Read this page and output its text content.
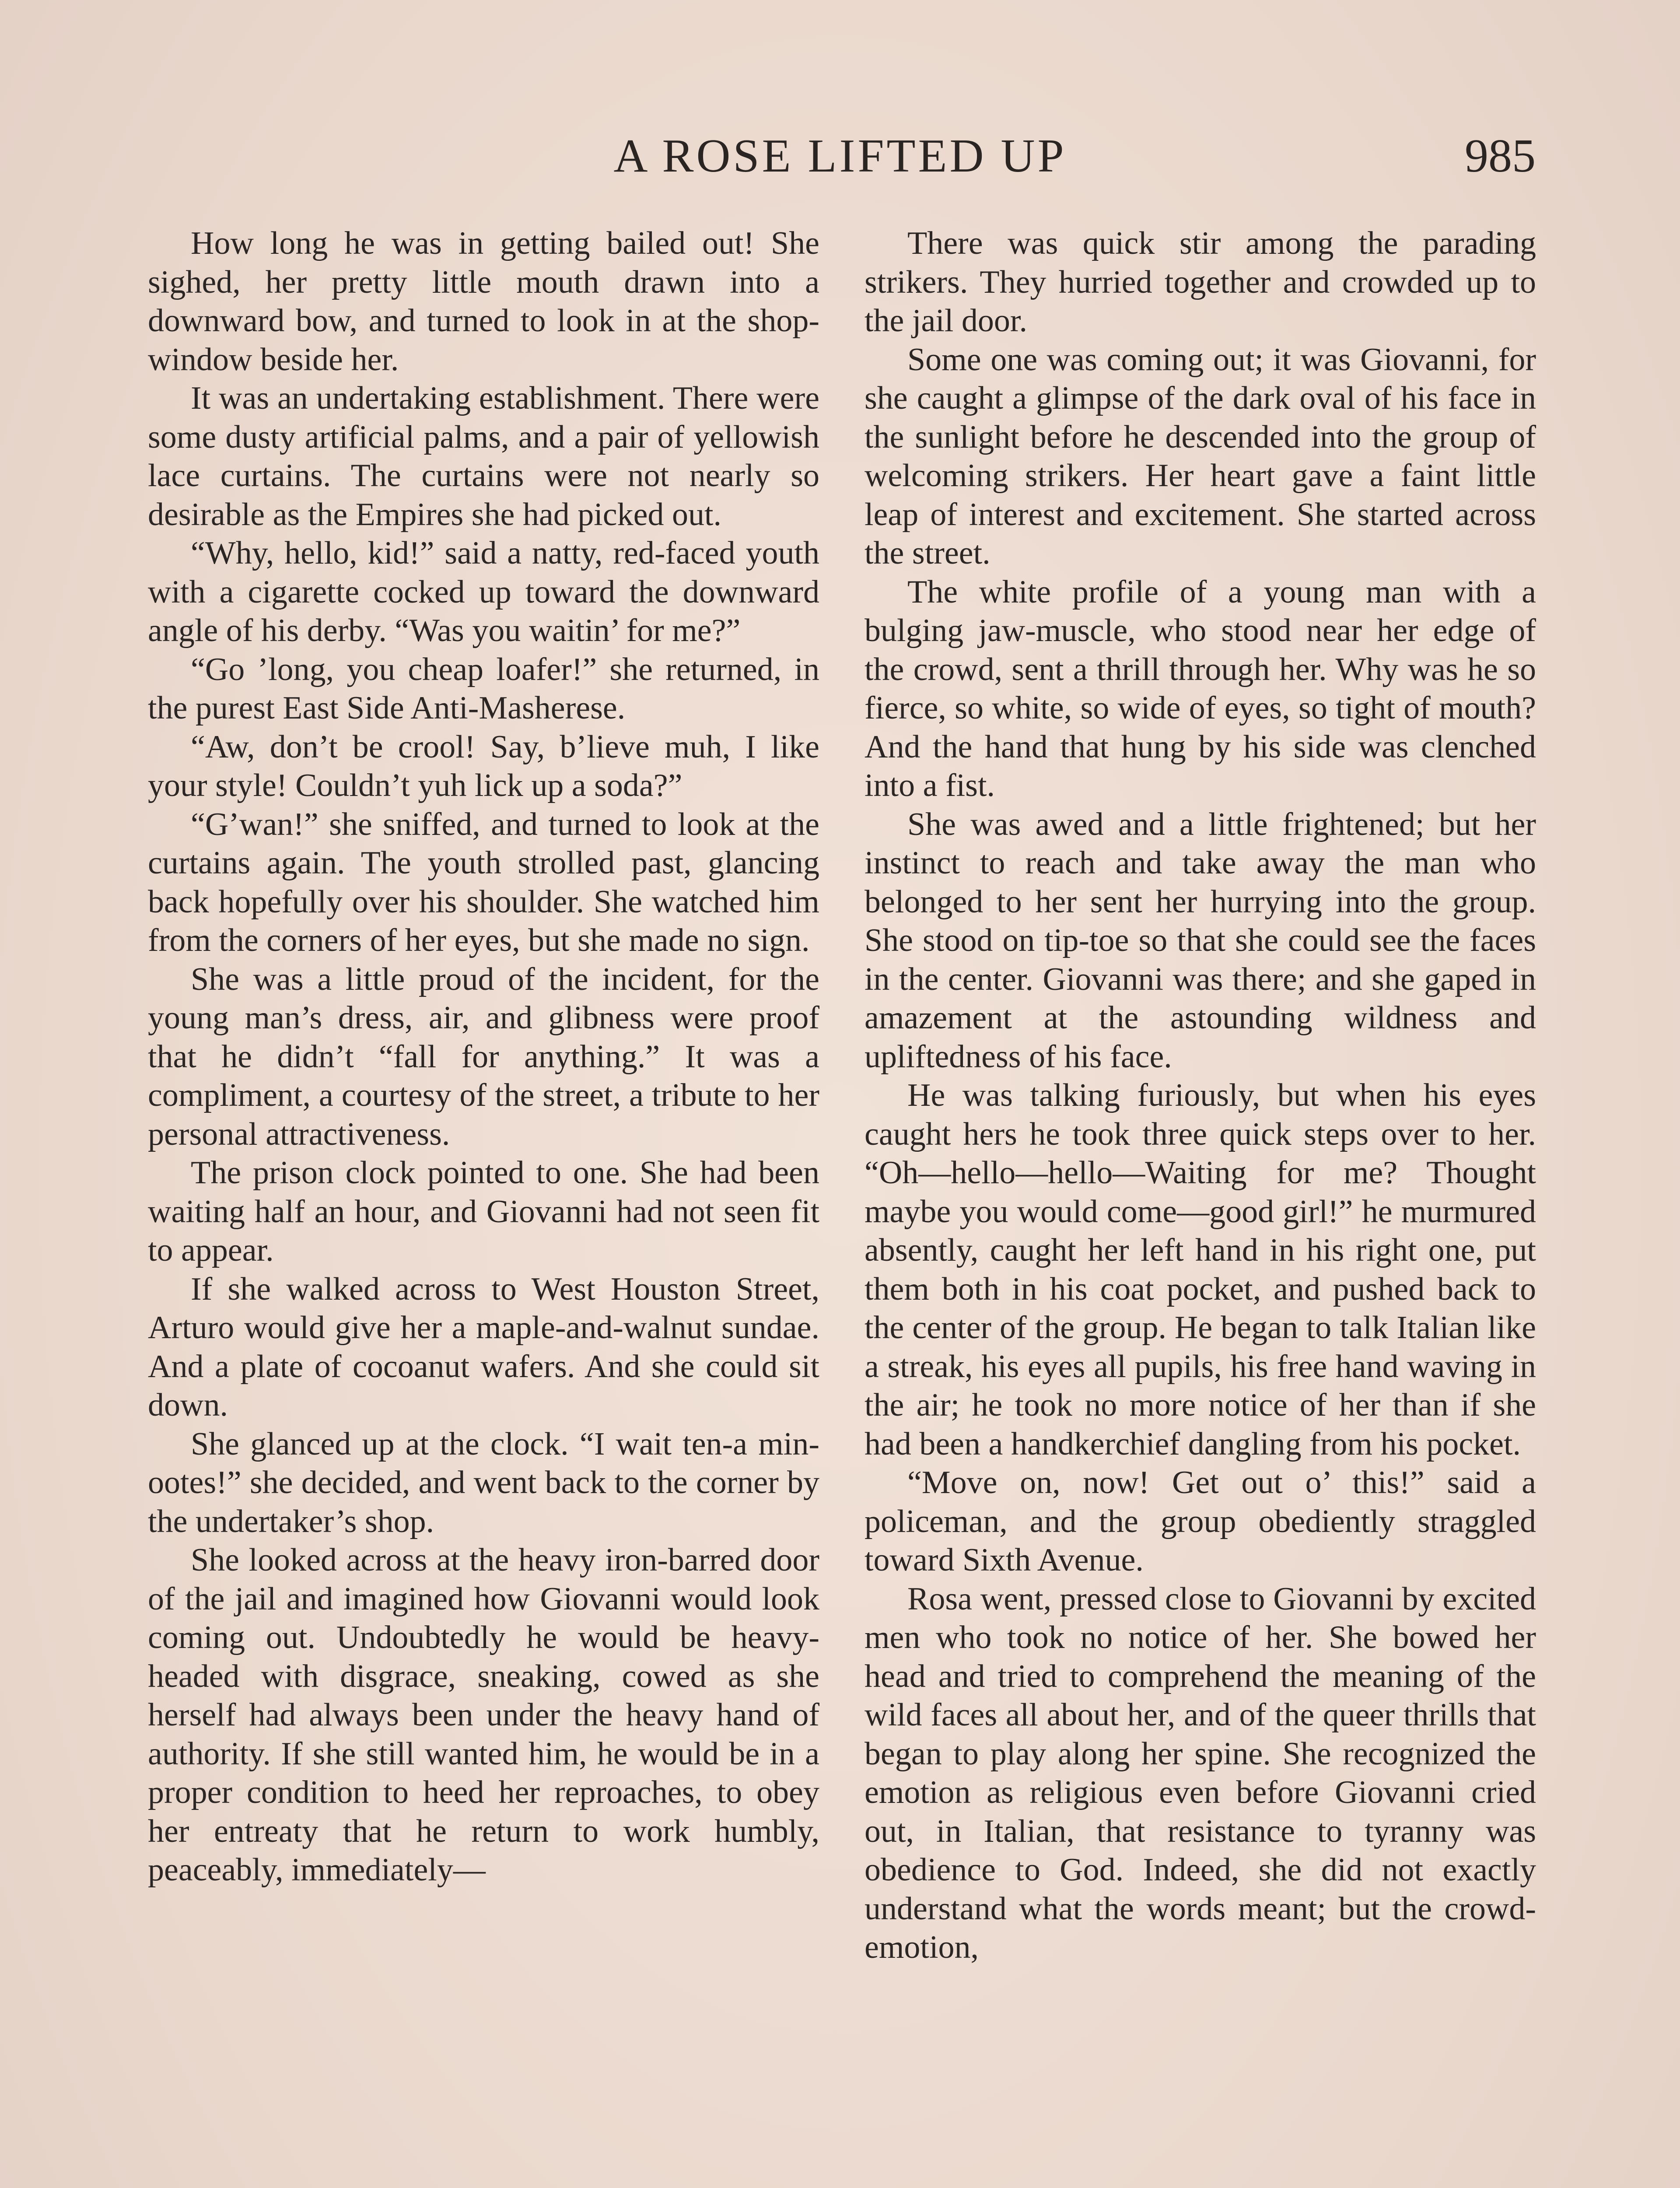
A ROSE LIFTED UP	985

How long he was in getting bailed out! She sighed, her pretty little mouth drawn into a downward bow, and turned to look in at the shop-window beside her.

It was an undertaking establishment. There were some dusty artificial palms, and a pair of yellowish lace curtains. The curtains were not nearly so desirable as the Empires she had picked out.

“Why, hello, kid!” said a natty, red-faced youth with a cigarette cocked up toward the downward angle of his derby. “Was you waitin’ for me?”

“Go ’long, you cheap loafer!” she returned, in the purest East Side Anti-Masherese.

“Aw, don’t be crool! Say, b’lieve muh, I like your style! Couldn’t yuh lick up a soda?”

“G’wan!” she sniffed, and turned to look at the curtains again. The youth strolled past, glancing back hopefully over his shoulder. She watched him from the corners of her eyes, but she made no sign.

She was a little proud of the incident, for the young man’s dress, air, and glibness were proof that he didn’t “fall for anything.” It was a compliment, a courtesy of the street, a tribute to her personal attractiveness.

The prison clock pointed to one. She had been waiting half an hour, and Giovanni had not seen fit to appear.

If she walked across to West Houston Street, Arturo would give her a maple-and-walnut sundae. And a plate of cocoanut wafers. And she could sit down.

She glanced up at the clock. “I wait ten-a min-ootes!” she decided, and went back to the corner by the undertaker’s shop.

She looked across at the heavy iron-barred door of the jail and imagined how Giovanni would look coming out. Undoubtedly he would be heavy-headed with disgrace, sneaking, cowed as she herself had always been under the heavy hand of authority. If she still wanted him, he would be in a proper condition to heed her reproaches, to obey her entreaty that he return to work humbly, peaceably, immediately—

There was quick stir among the parading strikers. They hurried together and crowded up to the jail door.

Some one was coming out; it was Giovanni, for she caught a glimpse of the dark oval of his face in the sunlight before he descended into the group of welcoming strikers. Her heart gave a faint little leap of interest and excitement. She started across the street.

The white profile of a young man with a bulging jaw-muscle, who stood near her edge of the crowd, sent a thrill through her. Why was he so fierce, so white, so wide of eyes, so tight of mouth? And the hand that hung by his side was clenched into a fist.

She was awed and a little frightened; but her instinct to reach and take away the man who belonged to her sent her hurrying into the group. She stood on tip-toe so that she could see the faces in the center. Giovanni was there; and she gaped in amazement at the astounding wildness and upliftedness of his face.

He was talking furiously, but when his eyes caught hers he took three quick steps over to her. “Oh—hello—hello—Waiting for me? Thought maybe you would come—good girl!” he murmured absently, caught her left hand in his right one, put them both in his coat pocket, and pushed back to the center of the group. He began to talk Italian like a streak, his eyes all pupils, his free hand waving in the air; he took no more notice of her than if she had been a handkerchief dangling from his pocket.

“Move on, now! Get out o’ this!” said a policeman, and the group obediently straggled toward Sixth Avenue.

Rosa went, pressed close to Giovanni by excited men who took no notice of her. She bowed her head and tried to comprehend the meaning of the wild faces all about her, and of the queer thrills that began to play along her spine. She recognized the emotion as religious even before Giovanni cried out, in Italian, that resistance to tyranny was obedience to God. Indeed, she did not exactly understand what the words meant; but the crowd-emotion,
